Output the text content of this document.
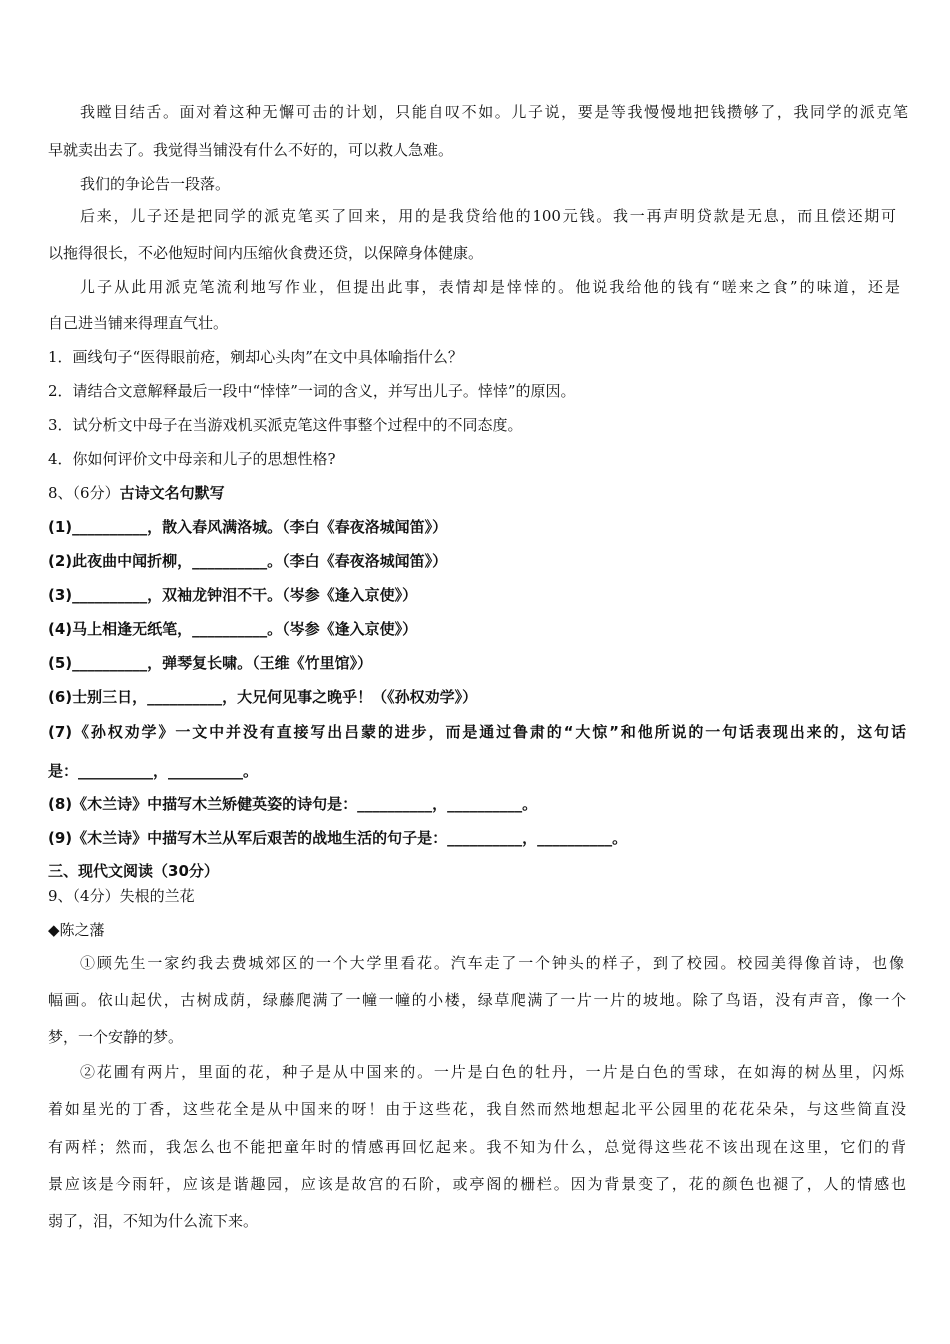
我瞠目结舌。面对着这种无懈可击的计划，只能自叹不如。儿子说，要是等我慢慢地把钱攒够了，我同学的派克笔
早就卖出去了。我觉得当铺没有什么不好的，可以救人急难。
我们的争论告一段落。
后来，儿子还是把同学的派克笔买了回来，用的是我贷给他的100元钱。我一再声明贷款是无息，而且偿还期可
以拖得很长，不必他短时间内压缩伙食费还贷，以保障身体健康。
儿子从此用派克笔流利地写作业，但提出此事，表情却是悻悻的。他说我给他的钱有“嗟来之食”的味道，还是
自己进当铺来得理直气壮。
1．画线句子“医得眼前疮，剜却心头肉”在文中具体喻指什么？
2．请结合文意解释最后一段中“悻悻”一词的含义，并写出儿子。悻悻”的原因。
3．试分析文中母子在当游戏机买派克笔这件事整个过程中的不同态度。
4．你如何评价文中母亲和儿子的思想性格?
8、（6分）古诗文名句默写
(1)__________，散入春风满洛城。（李白《春夜洛城闻笛》）
(2)此夜曲中闻折柳，__________。（李白《春夜洛城闻笛》）
(3)__________，双袖龙钟泪不干。（岑参《逢入京使》）
(4)马上相逢无纸笔，__________。（岑参《逢入京使》）
(5)__________，弹琴复长啸。（王维《竹里馆》）
(6)士别三日，__________，大兄何见事之晚乎！（《孙权劝学》）
(7)《孙权劝学》一文中并没有直接写出吕蒙的进步，而是通过鲁肃的“大惊”和他所说的一句话表现出来的，这句话
是：__________，__________。
(8)《木兰诗》中描写木兰矫健英姿的诗句是：__________，__________。
(9)《木兰诗》中描写木兰从军后艰苦的战地生活的句子是：__________，__________。
三、现代文阅读（30分）
9、（4分）失根的兰花
◆陈之藩
①顾先生一家约我去费城郊区的一个大学里看花。汽车走了一个钟头的样子，到了校园。校园美得像首诗，也像
幅画。依山起伏，古树成荫，绿藤爬满了一幢一幢的小楼，绿草爬满了一片一片的坡地。除了鸟语，没有声音，像一个
梦，一个安静的梦。
②花圃有两片，里面的花，种子是从中国来的。一片是白色的牡丹，一片是白色的雪球，在如海的树丛里，闪烁
着如星光的丁香，这些花全是从中国来的呀！由于这些花，我自然而然地想起北平公园里的花花朵朵，与这些简直没
有两样；然而，我怎么也不能把童年时的情感再回忆起来。我不知为什么，总觉得这些花不该出现在这里，它们的背
景应该是今雨轩，应该是谐趣园，应该是故宫的石阶，或亭阁的栅栏。因为背景变了，花的颜色也褪了，人的情感也
弱了，泪，不知为什么流下来。
